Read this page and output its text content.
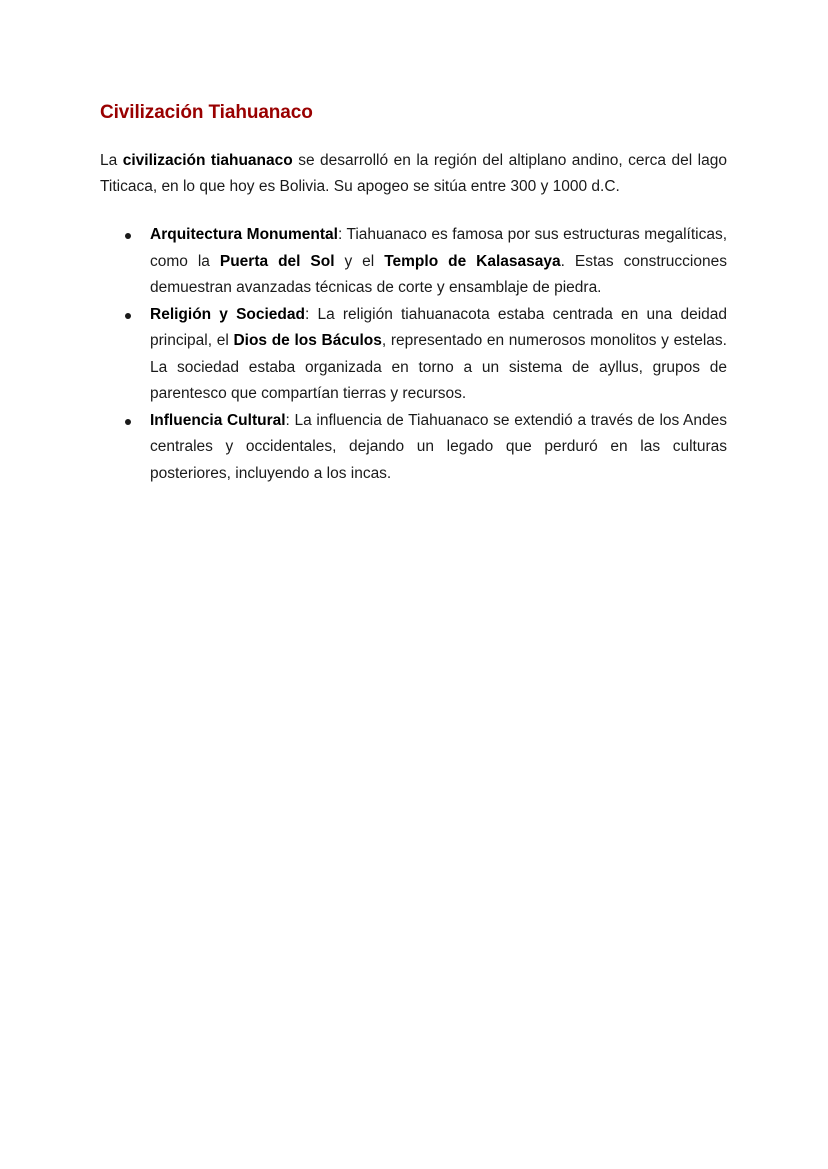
Civilización Tiahuanaco

La civilización tiahuanaco se desarrolló en la región del altiplano andino, cerca del lago Titicaca, en lo que hoy es Bolivia. Su apogeo se sitúa entre 300 y 1000 d.C.

Arquitectura Monumental: Tiahuanaco es famosa por sus estructuras megalíticas, como la Puerta del Sol y el Templo de Kalasasaya. Estas construcciones demuestran avanzadas técnicas de corte y ensamblaje de piedra.
Religión y Sociedad: La religión tiahuanacota estaba centrada en una deidad principal, el Dios de los Báculos, representado en numerosos monolitos y estelas. La sociedad estaba organizada en torno a un sistema de ayllus, grupos de parentesco que compartían tierras y recursos.
Influencia Cultural: La influencia de Tiahuanaco se extendió a través de los Andes centrales y occidentales, dejando un legado que perduró en las culturas posteriores, incluyendo a los incas.
